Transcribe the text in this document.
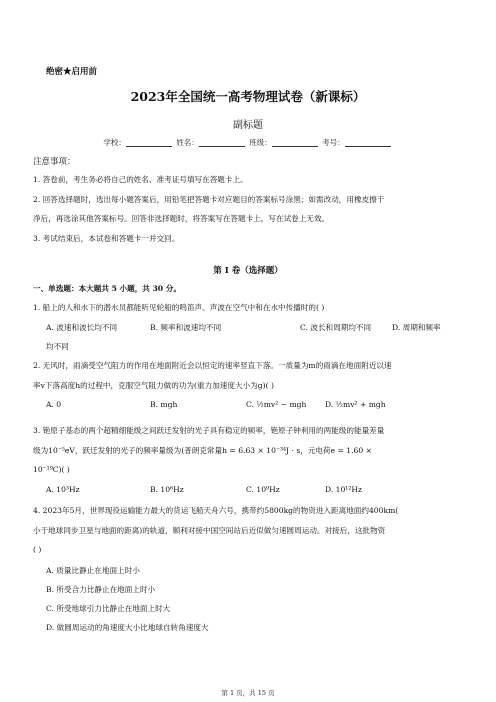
绝密★启用前
2023年全国统一高考物理试卷（新课标）
副标题
学校：	姓名：	班级：	考号：
注意事项：
1. 答卷前，考生务必将自己的姓名、准考证号填写在答题卡上。
2. 回答选择题时，选出每小题答案后，用铅笔把答题卡对应题目的答案标号涂黑；如需改动，用橡皮擦干
净后，再选涂其他答案标号。回答非选择题时，将答案写在答题卡上，写在试卷上无效。
3. 考试结束后，本试卷和答题卡一并交回。
第 I 卷（选择题）
一、单选题：本大题共 5 小题，共 30 分。
1. 船上的人和水下的潜水员都能听见轮船的鸣笛声。声波在空气中和在水中传播时的( )
A. 波速和波长均不同	B. 频率和波速均不同	C. 波长和周期均不同	D. 周期和频率
均不同
2. 无风时，雨滴受空气阻力的作用在地面附近会以恒定的速率竖直下落。一质量为m的雨滴在地面附近以速
率v下落高度h的过程中，克服空气阻力做的功为(重力加速度大小为g)( )
A. 0	B. mgh	C. ½mv² − mgh D. ½mv² + mgh
3. 铯原子基态的两个超精细能级之间跃迁发射的光子具有稳定的频率，铯原子钟利用的两能级的能量差量
级为10⁻⁵eV，跃迁发射的光子的频率量级为(普朗克常量h = 6.63 × 10⁻³⁴J · s，元电荷e = 1.60 ×
10⁻¹⁹C)( )
A. 10³Hz	B. 10⁶Hz	C. 10⁹Hz	D. 10¹²Hz
4. 2023年5月，世界现役运输能力最大的货运飞船天舟六号，携带约5800kg的物资进入距离地面约400km(
小于地球同步卫星与地面的距离)的轨道，顺利对接中国空间站后近似做匀速圆周运动。对接后，这批物资
( )
A. 质量比静止在地面上时小
B. 所受合力比静止在地面上时小
C. 所受地球引力比静止在地面上时大
D. 做圆周运动的角速度大小比地球自转角速度大
第 1 页，共 15 页
